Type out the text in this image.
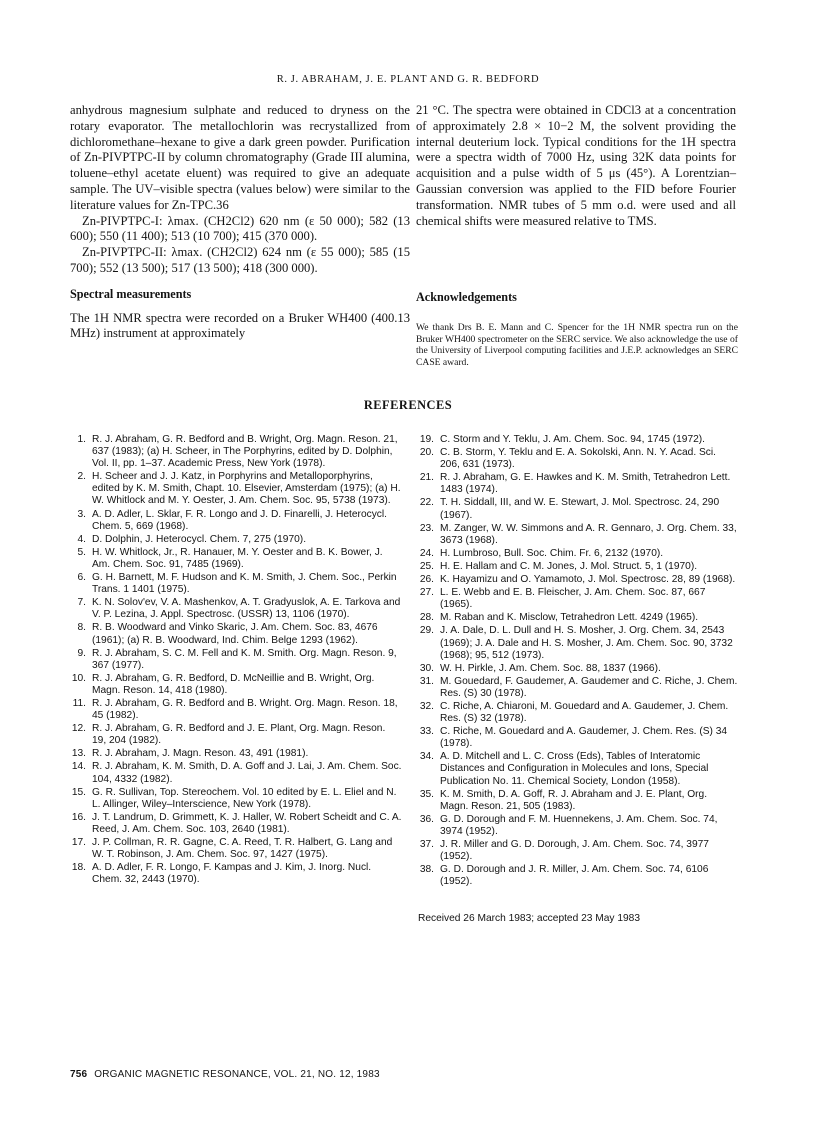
R. J. ABRAHAM, J. E. PLANT AND G. R. BEDFORD

anhydrous magnesium sulphate and reduced to dryness on the rotary evaporator. The metallochlorin was recrystallized from dichloromethane–hexane to give a dark green powder. Purification of Zn-PIVPTPC-II by column chromatography (Grade III alumina, toluene–ethyl acetate eluent) was required to give an adequate sample. The UV–visible spectra (values below) were similar to the literature values for Zn-TPC.36

Zn-PIVPTPC-I: λmax. (CH2Cl2) 620 nm (ε 50 000); 582 (13 600); 550 (11 400); 513 (10 700); 415 (370 000).

Zn-PIVPTPC-II: λmax. (CH2Cl2) 624 nm (ε 55 000); 585 (15 700); 552 (13 500); 517 (13 500); 418 (300 000).

Spectral measurements

The 1H NMR spectra were recorded on a Bruker WH400 (400.13 MHz) instrument at approximately

21 °C. The spectra were obtained in CDCl3 at a concentration of approximately 2.8 × 10−2 M, the solvent providing the internal deuterium lock. Typical conditions for the 1H spectra were a spectra width of 7000 Hz, using 32K data points for acquisition and a pulse width of 5 μs (45°). A Lorentzian–Gaussian conversion was applied to the FID before Fourier transformation. NMR tubes of 5 mm o.d. were used and all chemical shifts were measured relative to TMS.

Acknowledgements
We thank Drs B. E. Mann and C. Spencer for the 1H NMR spectra run on the Bruker WH400 spectrometer on the SERC service. We also acknowledge the use of the University of Liverpool computing facilities and J.E.P. acknowledges an SERC CASE award.
REFERENCES
1. R. J. Abraham, G. R. Bedford and B. Wright, Org. Magn. Reson. 21, 637 (1983); (a) H. Scheer, in The Porphyrins, edited by D. Dolphin, Vol. II, pp. 1–37. Academic Press, New York (1978).
2. H. Scheer and J. J. Katz, in Porphyrins and Metalloporphyrins, edited by K. M. Smith, Chapt. 10. Elsevier, Amsterdam (1975); (a) H. W. Whitlock and M. Y. Oester, J. Am. Chem. Soc. 95, 5738 (1973).
3. A. D. Adler, L. Sklar, F. R. Longo and J. D. Finarelli, J. Heterocycl. Chem. 5, 669 (1968).
4. D. Dolphin, J. Heterocycl. Chem. 7, 275 (1970).
5. H. W. Whitlock, Jr., R. Hanauer, M. Y. Oester and B. K. Bower, J. Am. Chem. Soc. 91, 7485 (1969).
6. G. H. Barnett, M. F. Hudson and K. M. Smith, J. Chem. Soc., Perkin Trans. 1 1401 (1975).
7. K. N. Solov'ev, V. A. Mashenkov, A. T. Gradyuslok, A. E. Tarkova and V. P. Lezina, J. Appl. Spectrosc. (USSR) 13, 1106 (1970).
8. R. B. Woodward and Vinko Skaric, J. Am. Chem. Soc. 83, 4676 (1961); (a) R. B. Woodward, Ind. Chim. Belge 1293 (1962).
9. R. J. Abraham, S. C. M. Fell and K. M. Smith. Org. Magn. Reson. 9, 367 (1977).
10. R. J. Abraham, G. R. Bedford, D. McNeillie and B. Wright, Org. Magn. Reson. 14, 418 (1980).
11. R. J. Abraham, G. R. Bedford and B. Wright. Org. Magn. Reson. 18, 45 (1982).
12. R. J. Abraham, G. R. Bedford and J. E. Plant, Org. Magn. Reson. 19, 204 (1982).
13. R. J. Abraham, J. Magn. Reson. 43, 491 (1981).
14. R. J. Abraham, K. M. Smith, D. A. Goff and J. Lai, J. Am. Chem. Soc. 104, 4332 (1982).
15. G. R. Sullivan, Top. Stereochem. Vol. 10 edited by E. L. Eliel and N. L. Allinger, Wiley–Interscience, New York (1978).
16. J. T. Landrum, D. Grimmett, K. J. Haller, W. Robert Scheidt and C. A. Reed, J. Am. Chem. Soc. 103, 2640 (1981).
17. J. P. Collman, R. R. Gagne, C. A. Reed, T. R. Halbert, G. Lang and W. T. Robinson, J. Am. Chem. Soc. 97, 1427 (1975).
18. A. D. Adler, F. R. Longo, F. Kampas and J. Kim, J. Inorg. Nucl. Chem. 32, 2443 (1970).
19. C. Storm and Y. Teklu, J. Am. Chem. Soc. 94, 1745 (1972).
20. C. B. Storm, Y. Teklu and E. A. Sokolski, Ann. N. Y. Acad. Sci. 206, 631 (1973).
21. R. J. Abraham, G. E. Hawkes and K. M. Smith, Tetrahedron Lett. 1483 (1974).
22. T. H. Siddall, III, and W. E. Stewart, J. Mol. Spectrosc. 24, 290 (1967).
23. M. Zanger, W. W. Simmons and A. R. Gennaro, J. Org. Chem. 33, 3673 (1968).
24. H. Lumbroso, Bull. Soc. Chim. Fr. 6, 2132 (1970).
25. H. E. Hallam and C. M. Jones, J. Mol. Struct. 5, 1 (1970).
26. K. Hayamizu and O. Yamamoto, J. Mol. Spectrosc. 28, 89 (1968).
27. L. E. Webb and E. B. Fleischer, J. Am. Chem. Soc. 87, 667 (1965).
28. M. Raban and K. Misclow, Tetrahedron Lett. 4249 (1965).
29. J. A. Dale, D. L. Dull and H. S. Mosher, J. Org. Chem. 34, 2543 (1969); J. A. Dale and H. S. Mosher, J. Am. Chem. Soc. 90, 3732 (1968); 95, 512 (1973).
30. W. H. Pirkle, J. Am. Chem. Soc. 88, 1837 (1966).
31. M. Gouedard, F. Gaudemer, A. Gaudemer and C. Riche, J. Chem. Res. (S) 30 (1978).
32. C. Riche, A. Chiaroni, M. Gouedard and A. Gaudemer, J. Chem. Res. (S) 32 (1978).
33. C. Riche, M. Gouedard and A. Gaudemer, J. Chem. Res. (S) 34 (1978).
34. A. D. Mitchell and L. C. Cross (Eds), Tables of Interatomic Distances and Configuration in Molecules and Ions, Special Publication No. 11. Chemical Society, London (1958).
35. K. M. Smith, D. A. Goff, R. J. Abraham and J. E. Plant, Org. Magn. Reson. 21, 505 (1983).
36. G. D. Dorough and F. M. Huennekens, J. Am. Chem. Soc. 74, 3974 (1952).
37. J. R. Miller and G. D. Dorough, J. Am. Chem. Soc. 74, 3977 (1952).
38. G. D. Dorough and J. R. Miller, J. Am. Chem. Soc. 74, 6106 (1952).
Received 26 March 1983; accepted 23 May 1983
756 ORGANIC MAGNETIC RESONANCE, VOL. 21, NO. 12, 1983
